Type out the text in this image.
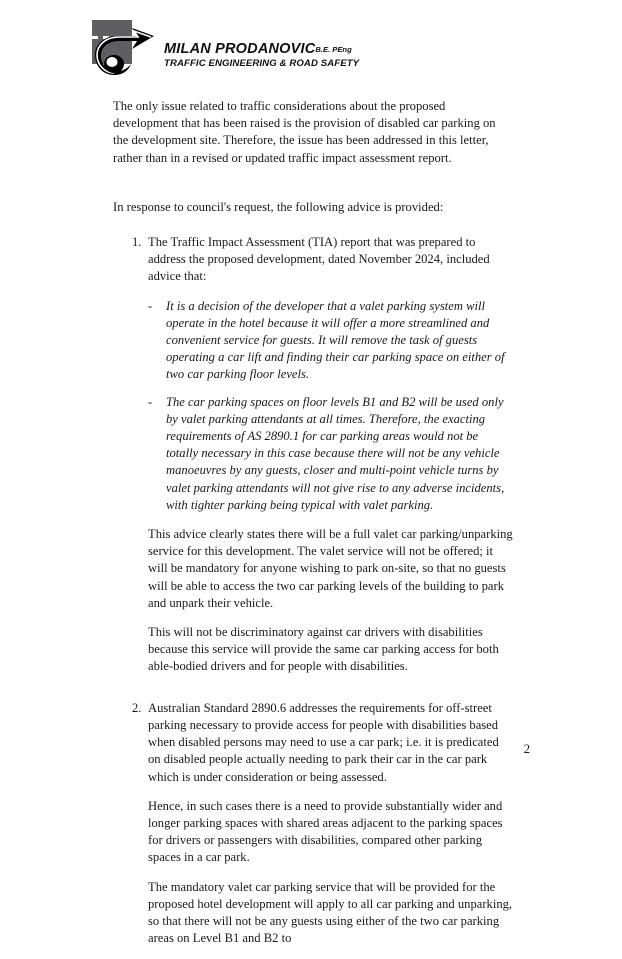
MILAN PRODANOVICB.E. PEng
TRAFFIC ENGINEERING & ROAD SAFETY

The only issue related to traffic considerations about the proposed development that has been raised is the provision of disabled car parking on the development site. Therefore, the issue has been addressed in this letter, rather than in a revised or updated traffic impact assessment report.

In response to council's request, the following advice is provided:

1. The Traffic Impact Assessment (TIA) report that was prepared to address the proposed development, dated November 2024, included advice that:

- It is a decision of the developer that a valet parking system will operate in the hotel because it will offer a more streamlined and convenient service for guests. It will remove the task of guests operating a car lift and finding their car parking space on either of two car parking floor levels.
- The car parking spaces on floor levels B1 and B2 will be used only by valet parking attendants at all times. Therefore, the exacting requirements of AS 2890.1 for car parking areas would not be totally necessary in this case because there will not be any vehicle manoeuvres by any guests, closer and multi-point vehicle turns by valet parking attendants will not give rise to any adverse incidents, with tighter parking being typical with valet parking.

This advice clearly states there will be a full valet car parking/unparking service for this development. The valet service will not be offered; it will be mandatory for anyone wishing to park on-site, so that no guests will be able to access the two car parking levels of the building to park and unpark their vehicle.

This will not be discriminatory against car drivers with disabilities because this service will provide the same car parking access for both able-bodied drivers and for people with disabilities.

2. Australian Standard 2890.6 addresses the requirements for off-street parking necessary to provide access for people with disabilities based when disabled persons may need to use a car park; i.e. it is predicated on disabled people actually needing to park their car in the car park which is under consideration or being assessed.

Hence, in such cases there is a need to provide substantially wider and longer parking spaces with shared areas adjacent to the parking spaces for drivers or passengers with disabilities, compared other parking spaces in a car park.

The mandatory valet car parking service that will be provided for the proposed hotel development will apply to all car parking and unparking, so that there will not be any guests using either of the two car parking areas on Level B1 and B2 to

2
